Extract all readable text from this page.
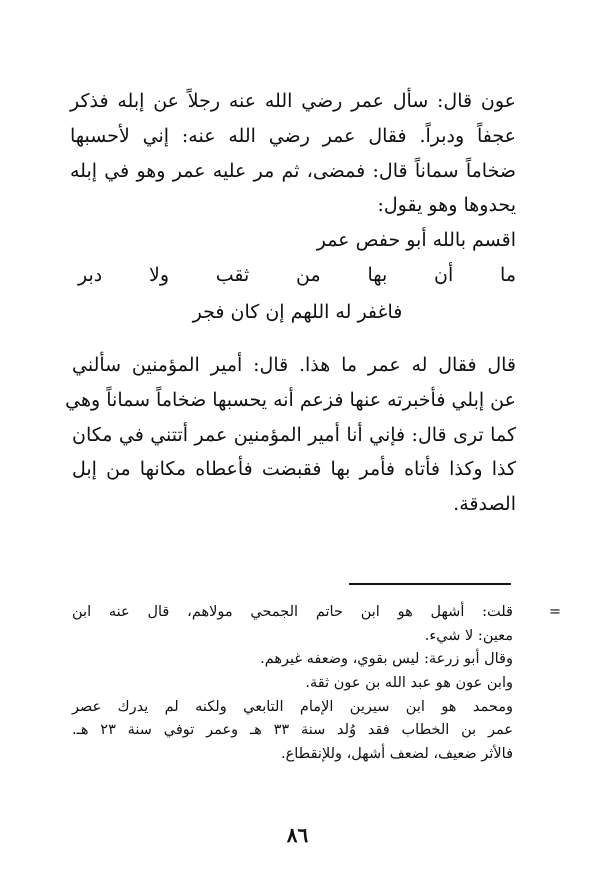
عون قال: سأل عمر رضي الله عنه رجلاً عن إبله فذكر
عجفاً ودبراً. فقال عمر رضي الله عنه: إني لأحسبها
ضخاماً سماناً قال: فمضى، ثم مر عليه عمر وهو في إبله
يحدوها وهو يقول:
اقسم بالله أبو حفص عمر
ما أن بها من ثقب ولا دبر
فاغفر له اللهم إن كان فجر
قال فقال له عمر ما هذا. قال: أمير المؤمنين سألني
عن إبلي فأخبرته عنها فزعم أنه يحسبها ضخاماً سماناً وهي
كما ترى قال: فإني أنا أمير المؤمنين عمر أتتني في مكان
كذا وكذا فأتاه فأمر بها فقبضت فأعطاه مكانها من إبل
الصدقة.
=
قلت: أشهل هو ابن حاتم الجمحي مولاهم، قال عنه ابن
معين: لا شيء.
وقال أبو زرعة: ليس بقوي، وضعفه غيرهم.
وابن عون هو عبد الله بن عون ثقة.
ومحمد هو ابن سيرين الإمام التابعي ولكنه لم يدرك عصر
عمر بن الخطاب فقد وُلد سنة ٣٣ هـ وعمر توفي سنة ٢٣ هـ.
فالأثر ضعيف، لضعف أشهل، وللإنقطاع.
٨٦
